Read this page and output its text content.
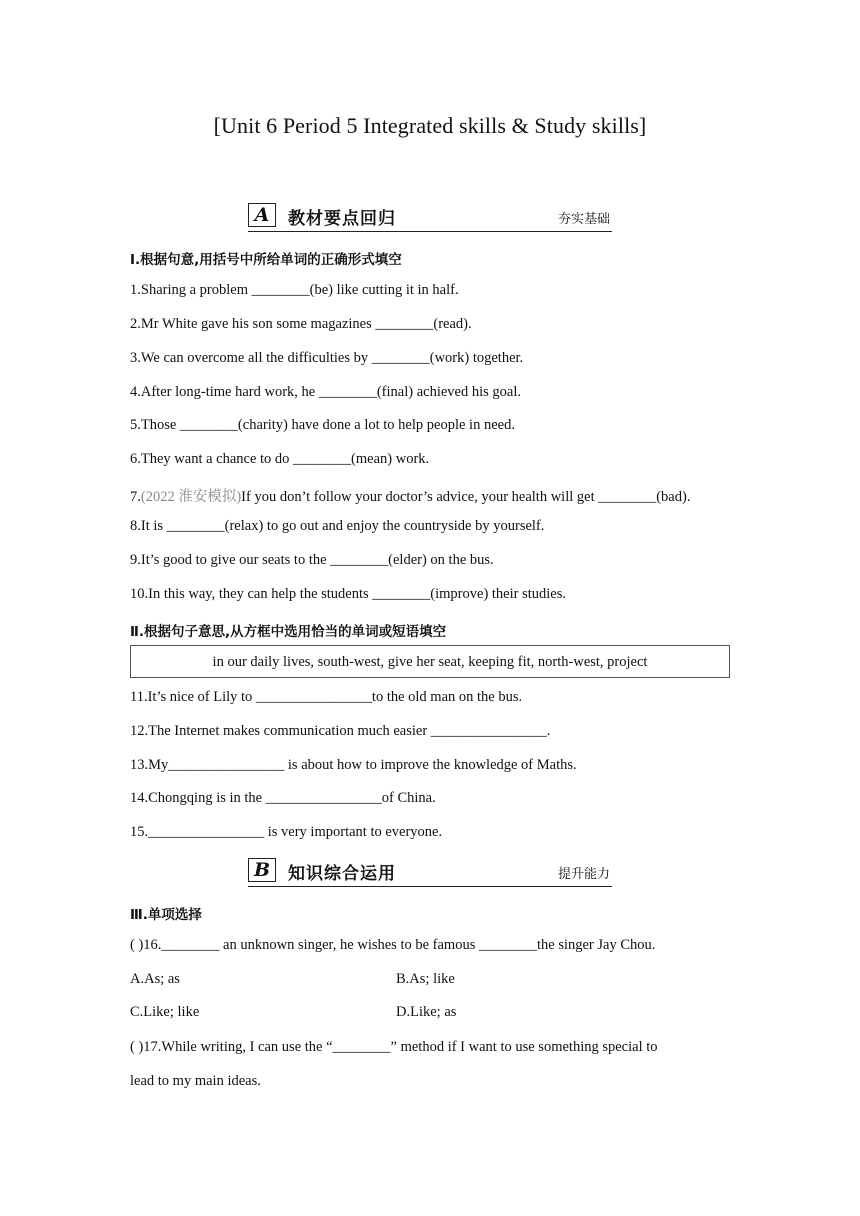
[Unit 6 Period 5 Integrated skills & Study skills]
A 教材要点回归	夯实基础
Ⅰ.根据句意,用括号中所给单词的正确形式填空
1.Sharing a problem ________(be) like cutting it in half.
2.Mr White gave his son some magazines ________(read).
3.We can overcome all the difficulties by ________(work) together.
4.After long-time hard work, he ________(final) achieved his goal.
5.Those ________(charity) have done a lot to help people in need.
6.They want a chance to do ________(mean) work.
7.(2022 淮安模拟)If you don’t follow your doctor’s advice, your health will get ________(bad).
8.It is ________(relax) to go out and enjoy the countryside by yourself.
9.It’s good to give our seats to the ________(elder) on the bus.
10.In this way, they can help the students ________(improve) their studies.
Ⅱ.根据句子意思,从方框中选用恰当的单词或短语填空
in our daily lives, south-west, give her seat, keeping fit, north-west, project
11.It’s nice of Lily to ________________to the old man on the bus.
12.The Internet makes communication much easier ________________.
13.My________________ is about how to improve the knowledge of Maths.
14.Chongqing is in the ________________of China.
15.________________ is very important to everyone.
B 知识综合运用	提升能力
Ⅲ.单项选择
( )16.________ an unknown singer, he wishes to be famous ________the singer Jay Chou.
A.As; as	B.As; like
C.Like; like	D.Like; as
( )17.While writing, I can use the “________” method if I want to use something special to
lead to my main ideas.
